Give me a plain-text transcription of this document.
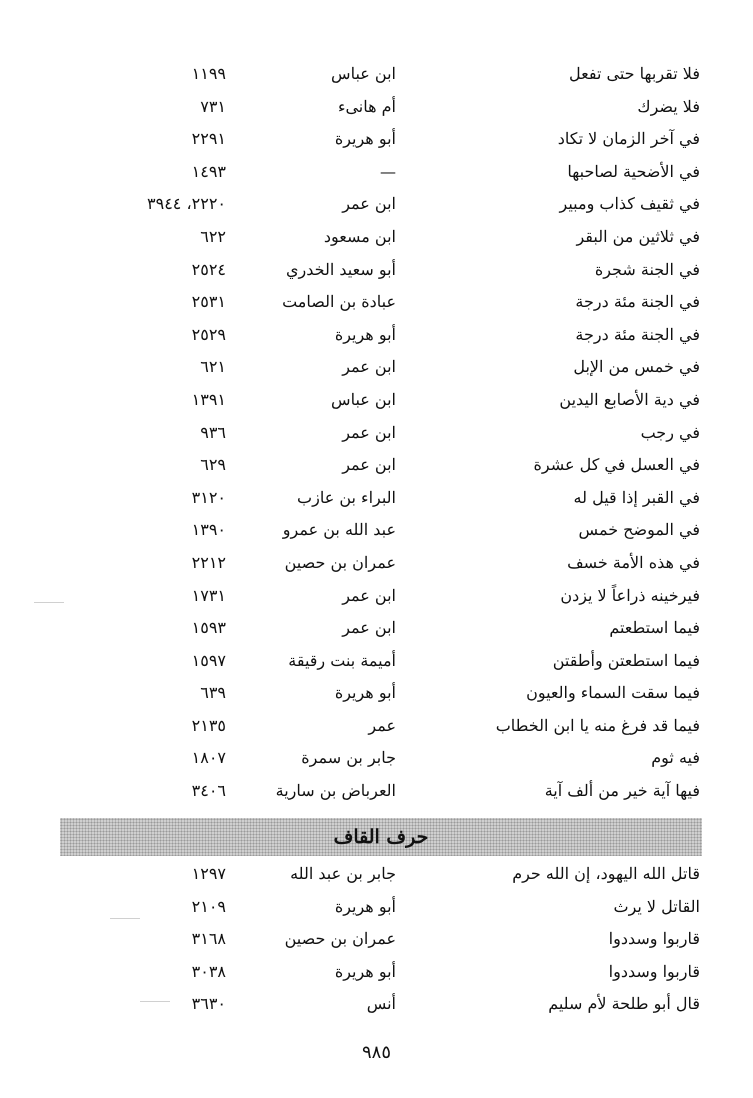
فلا تقربها حتى تفعل
ابن عباس
١١٩٩
فلا يضرك
أم هانىء
٧٣١
في آخر الزمان لا تكاد
أبو هريرة
٢٢٩١
في الأضحية لصاحبها
—
١٤٩٣
في ثقيف كذاب ومبير
ابن عمر
٢٢٢٠، ٣٩٤٤
في ثلاثين من البقر
ابن مسعود
٦٢٢
في الجنة شجرة
أبو سعيد الخدري
٢٥٢٤
في الجنة مئة درجة
عبادة بن الصامت
٢٥٣١
في الجنة مئة درجة
أبو هريرة
٢٥٢٩
في خمس من الإبل
ابن عمر
٦٢١
في دية الأصابع اليدين
ابن عباس
١٣٩١
في رجب
ابن عمر
٩٣٦
في العسل في كل عشرة
ابن عمر
٦٢٩
في القبر إذا قيل له
البراء بن عازب
٣١٢٠
في الموضح خمس
عبد الله بن عمرو
١٣٩٠
في هذه الأمة خسف
عمران بن حصين
٢٢١٢
فيرخينه ذراعاً لا يزدن
ابن عمر
١٧٣١
فيما استطعتم
ابن عمر
١٥٩٣
فيما استطعتن وأطقتن
أميمة بنت رقيقة
١٥٩٧
فيما سقت السماء والعيون
أبو هريرة
٦٣٩
فيما قد فرغ منه يا ابن الخطاب
عمر
٢١٣٥
فيه ثوم
جابر بن سمرة
١٨٠٧
فيها آية خير من ألف آية
العرباض بن سارية
٣٤٠٦
حرف القاف
قاتل الله اليهود، إن الله حرم
جابر بن عبد الله
١٢٩٧
القاتل لا يرث
أبو هريرة
٢١٠٩
قاربوا وسددوا
عمران بن حصين
٣١٦٨
قاربوا وسددوا
أبو هريرة
٣٠٣٨
قال أبو طلحة لأم سليم
أنس
٣٦٣٠
٩٨٥
